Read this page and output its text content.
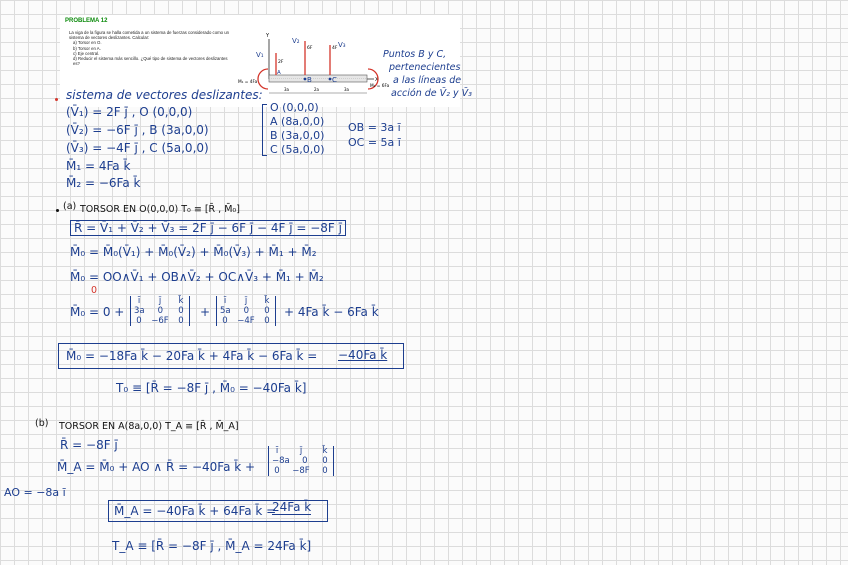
PROBLEMA 12
La viga de la figura se halla cometida a un sistema de fuerzas considerado como un sistema de vectores deslizantes. Calcular:
a) Torsor en O.
b) Torsor en A.
c) Eje central.
d) Reducir el sistema más sencillo. ¿Qué tipo de sistema de vectores deslizantes es?
Y
X
2F
6F	4F
M₁ = 4Fa
M₂ = 6Fa
A
B	C
3a	2a	3a
V₁
V₂	V₃
Puntos B y C,
pertenecientes
a las líneas de
acción de V̄₂ y V̄₃
sistema de vectores deslizantes:
(V̄₁) = 2F j̄ , O (0,0,0)
(V̄₂) = −6F j̄ , B (3a,0,0)
(V̄₃) = −4F j̄ , C (5a,0,0)
M̄₁ = 4Fa k̄
M̄₂ = −6Fa k̄
O (0,0,0)
A (8a,0,0)
B (3a,0,0)
C (5a,0,0)
OB = 3a ī
OC = 5a ī
(a) TORSOR EN O(0,0,0) T₀ ≡ [R̄ , M̄₀]
R̄ = V̄₁ + V̄₂ + V̄₃ = 2F j̄ − 6F j̄ − 4F j̄ = −8F j̄
M̄₀ = M̄₀(V̄₁) + M̄₀(V̄₂) + M̄₀(V̄₃) + M̄₁ + M̄₂
M̄₀ = OO∧V̄₁ + OB∧V̄₂ + OC∧V̄₃ + M̄₁ + M̄₂
0
M̄₀ = 0 +
ī	j̄	k̄
3a 0 0
0 −6F 0
+
ī	j̄	k̄
5a 0 0
0 −4F 0
+ 4Fa k̄ − 6Fa k̄
M̄₀ = −18Fa k̄ − 20Fa k̄ + 4Fa k̄ − 6Fa k̄ = −40Fa k̄
T₀ ≡ [R̄ = −8F j̄ , M̄₀ = −40Fa k̄]
(b) TORSOR EN A(8a,0,0) T_A ≡ [R̄ , M̄_A]
R̄ = −8F j̄
M̄_A = M̄₀ + AO ∧ R̄ = −40Fa k̄ +
ī	j̄	k̄
−8a 0 0
0 −8F 0
AO = −8a ī
M̄_A = −40Fa k̄ + 64Fa k̄ =
24Fa k̄
T_A ≡ [R̄ = −8F j̄ , M̄_A = 24Fa k̄]
